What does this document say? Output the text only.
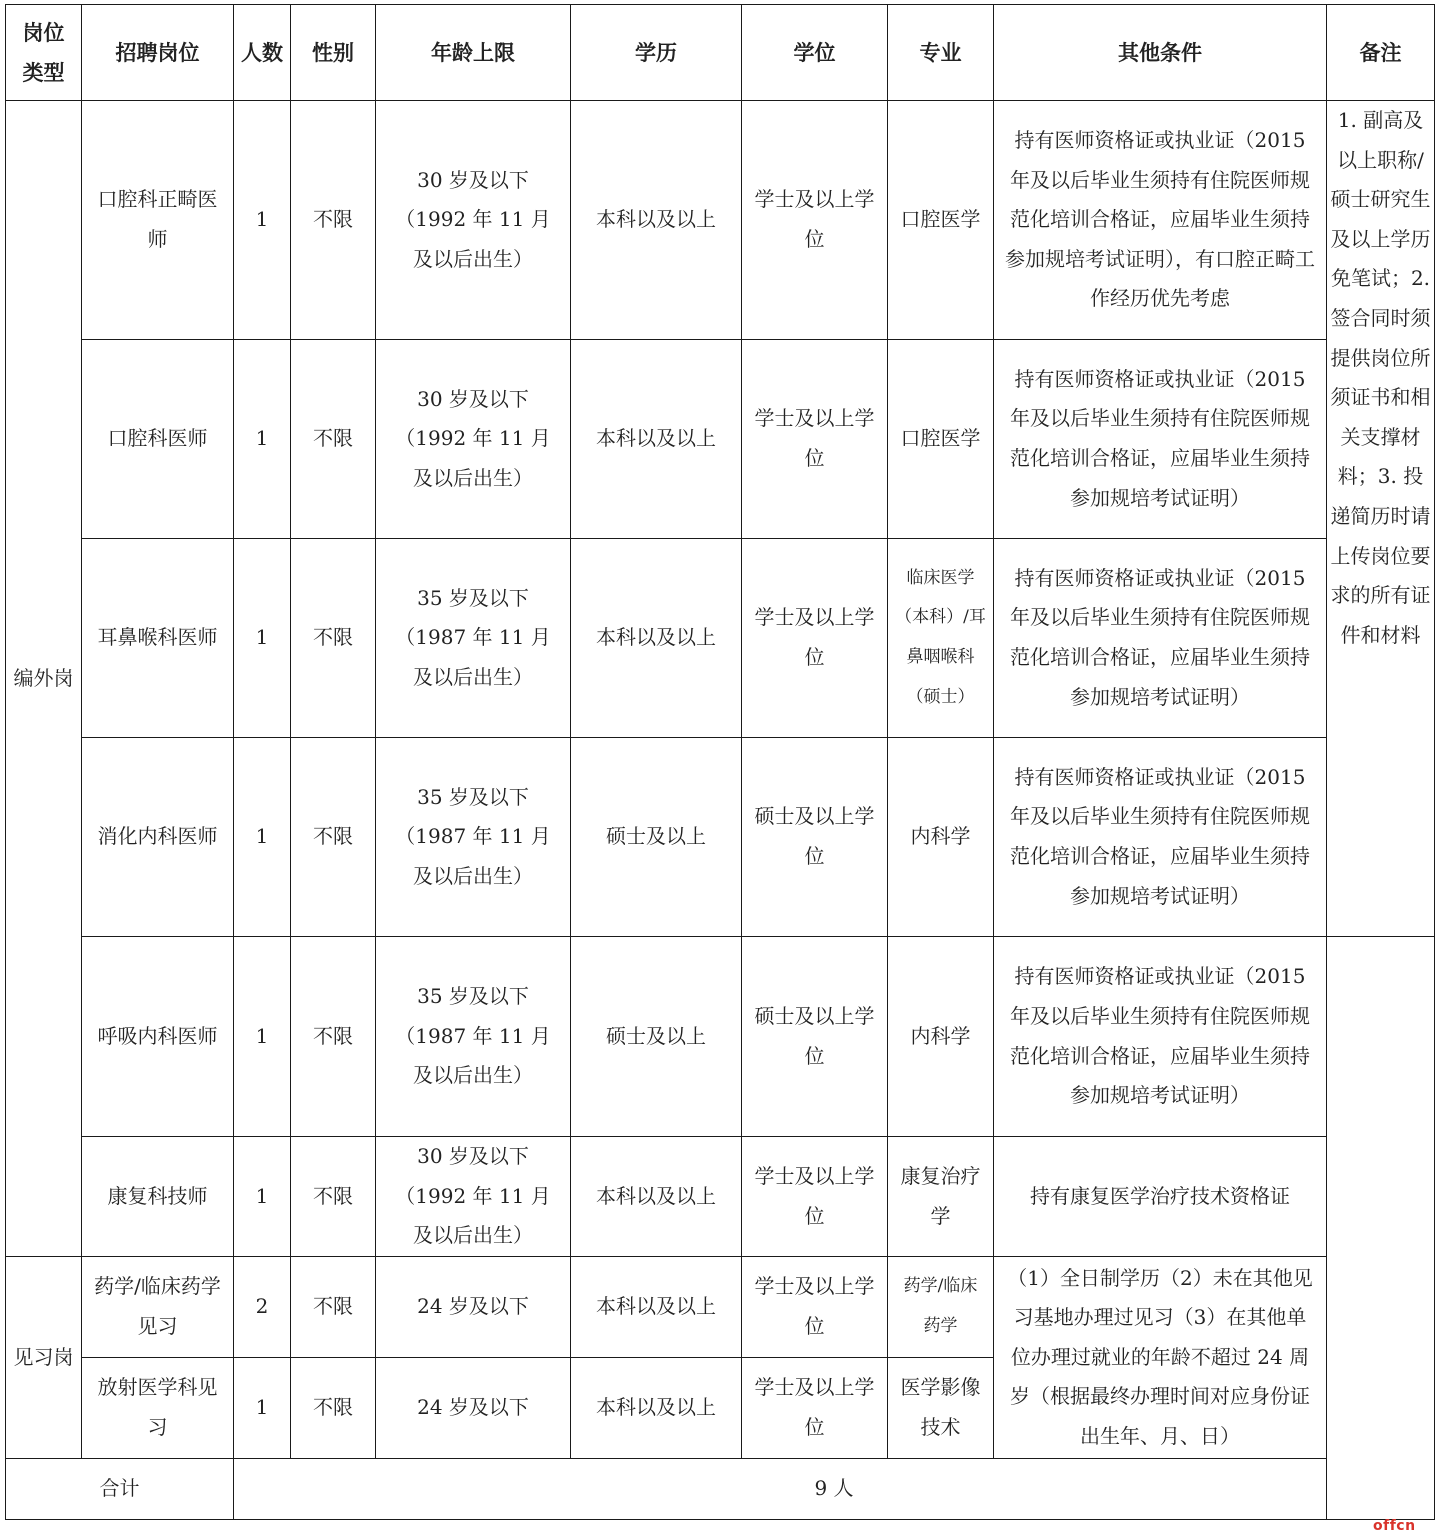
岗位类型	招聘岗位	人数	性别	年龄上限	学历	学位	专业	其他条件	备注
编外岗	口腔科正畸医师	1	不限	30 岁及以下（1992 年 11 月及以后出生）	本科以及以上	学士及以上学位	口腔医学	持有医师资格证或执业证（2015 年及以后毕业生须持有住院医师规范化培训合格证，应届毕业生须持参加规培考试证明），有口腔正畸工作经历优先考虑	1. 副高及以上职称/硕士研究生及以上学历免笔试；2. 签合同时须提供岗位所须证书和相关支撑材料；3. 投递简历时请上传岗位要求的所有证件和材料
	口腔科医师	1	不限	30 岁及以下（1992 年 11 月及以后出生）	本科以及以上	学士及以上学位	口腔医学	持有医师资格证或执业证（2015 年及以后毕业生须持有住院医师规范化培训合格证，应届毕业生须持参加规培考试证明）	
	耳鼻喉科医师	1	不限	35 岁及以下（1987 年 11 月及以后出生）	本科以及以上	学士及以上学位	临床医学（本科）/耳鼻咽喉科（硕士）	持有医师资格证或执业证（2015 年及以后毕业生须持有住院医师规范化培训合格证，应届毕业生须持参加规培考试证明）	
	消化内科医师	1	不限	35 岁及以下（1987 年 11 月及以后出生）	硕士及以上	硕士及以上学位	内科学	持有医师资格证或执业证（2015 年及以后毕业生须持有住院医师规范化培训合格证，应届毕业生须持参加规培考试证明）	
	呼吸内科医师	1	不限	35 岁及以下（1987 年 11 月及以后出生）	硕士及以上	硕士及以上学位	内科学	持有医师资格证或执业证（2015 年及以后毕业生须持有住院医师规范化培训合格证，应届毕业生须持参加规培考试证明）	
	康复科技师	1	不限	30 岁及以下（1992 年 11 月及以后出生）	本科以及以上	学士及以上学位	康复治疗学	持有康复医学治疗技术资格证	
见习岗	药学/临床药学见习	2	不限	24 岁及以下	本科以及以上	学士及以上学位	药学/临床药学	（1）全日制学历（2）未在其他见习基地办理过见习（3）在其他单位办理过就业的年龄不超过 24 周岁（根据最终办理时间对应身份证出生年、月、日）	
	放射医学科见习	1	不限	24 岁及以下	本科以及以上	学士及以上学位	医学影像技术		
合计		9 人							
offcn
